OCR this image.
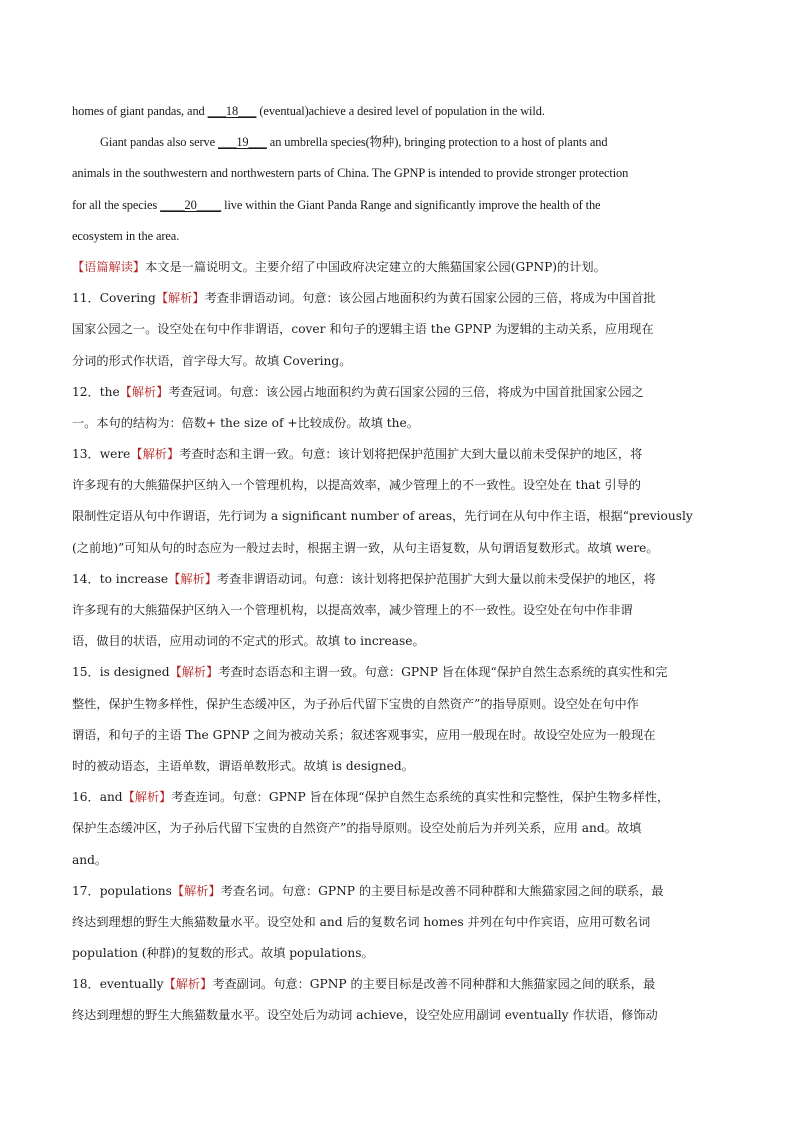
homes of giant pandas, and ___18___ (eventual)achieve a desired level of population in the wild.
Giant pandas also serve ___19___ an umbrella species(物种), bringing protection to a host of plants and
animals in the southwestern and northwestern parts of China. The GPNP is intended to provide stronger protection
for all the species ____20____ live within the Giant Panda Range and significantly improve the health of the
ecosystem in the area.
【语篇解读】本文是一篇说明文。主要介绍了中国政府决定建立的大熊猫国家公园(GPNP)的计划。
11．Covering【解析】考查非谓语动词。句意：该公园占地面积约为黄石国家公园的三倍，将成为中国首批
国家公园之一。设空处在句中作非谓语，cover 和句子的逻辑主语 the GPNP 为逻辑的主动关系，应用现在
分词的形式作状语，首字母大写。故填 Covering。
12．the【解析】考查冠词。句意：该公园占地面积约为黄石国家公园的三倍，将成为中国首批国家公园之
一。本句的结构为：倍数+ the size of +比较成份。故填 the。
13．were【解析】考查时态和主谓一致。句意：该计划将把保护范围扩大到大量以前未受保护的地区，将
许多现有的大熊猫保护区纳入一个管理机构，以提高效率，减少管理上的不一致性。设空处在 that 引导的
限制性定语从句中作谓语，先行词为 a significant number of areas，先行词在从句中作主语，根据“previously
(之前地)”可知从句的时态应为一般过去时，根据主谓一致，从句主语复数，从句谓语复数形式。故填 were。
14．to increase【解析】考查非谓语动词。句意：该计划将把保护范围扩大到大量以前未受保护的地区，将
许多现有的大熊猫保护区纳入一个管理机构，以提高效率，减少管理上的不一致性。设空处在句中作非谓
语，做目的状语，应用动词的不定式的形式。故填 to increase。
15．is designed【解析】考查时态语态和主谓一致。句意：GPNP 旨在体现“保护自然生态系统的真实性和完
整性，保护生物多样性，保护生态缓冲区，为子孙后代留下宝贵的自然资产”的指导原则。设空处在句中作
谓语，和句子的主语 The GPNP 之间为被动关系；叙述客观事实，应用一般现在时。故设空处应为一般现在
时的被动语态，主语单数，谓语单数形式。故填 is designed。
16．and【解析】考查连词。句意：GPNP 旨在体现“保护自然生态系统的真实性和完整性，保护生物多样性，
保护生态缓冲区，为子孙后代留下宝贵的自然资产”的指导原则。设空处前后为并列关系，应用 and。故填
and。
17．populations【解析】考查名词。句意：GPNP 的主要目标是改善不同种群和大熊猫家园之间的联系，最
终达到理想的野生大熊猫数量水平。设空处和 and 后的复数名词 homes 并列在句中作宾语，应用可数名词
population (种群)的复数的形式。故填 populations。
18．eventually【解析】考查副词。句意：GPNP 的主要目标是改善不同种群和大熊猫家园之间的联系，最
终达到理想的野生大熊猫数量水平。设空处后为动词 achieve，设空处应用副词 eventually 作状语，修饰动
